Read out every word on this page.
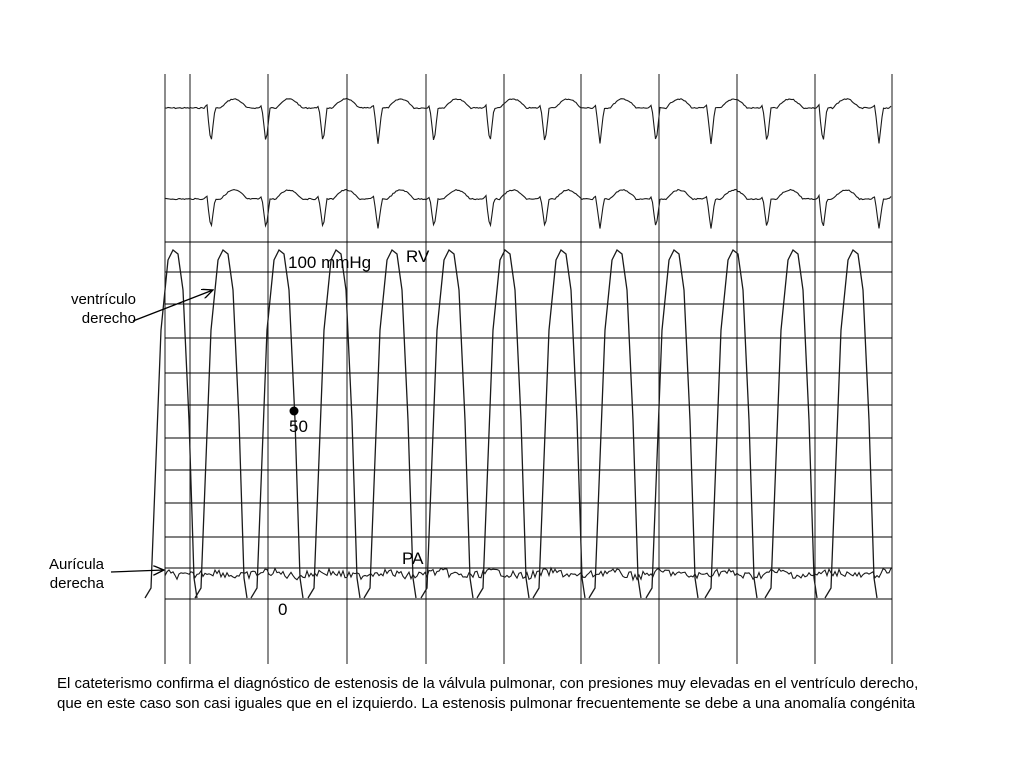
100 mmHg RV
PA
50
0
ventrículo
derecho
Aurícula
derecha
El cateterismo confirma el diagnóstico de estenosis de la válvula pulmonar, con presiones muy elevadas en el ventrículo derecho,
que en este caso son casi iguales que en el izquierdo. La estenosis pulmonar frecuentemente se debe a una anomalía congénita
